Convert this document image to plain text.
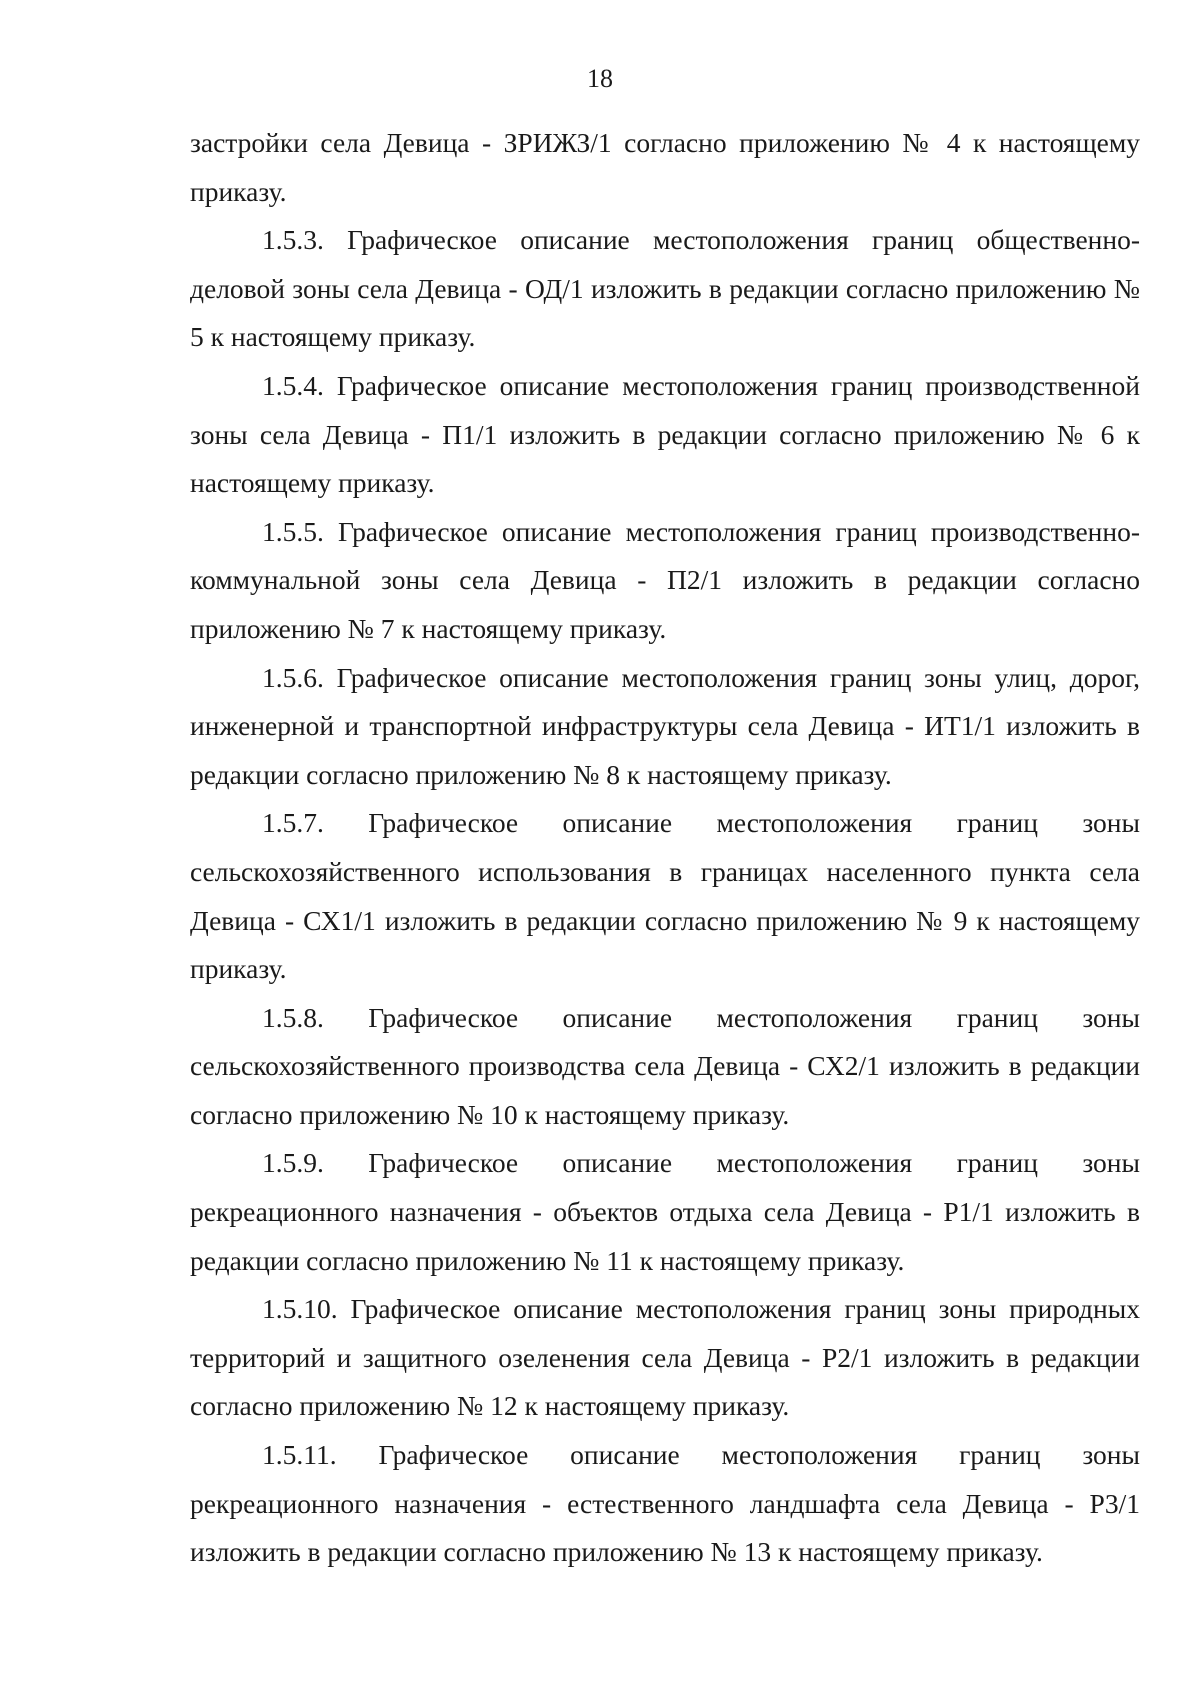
18

застройки села Девица - ЗРИЖЗ/1 согласно приложению № 4 к настоящему приказу.

1.5.3. Графическое описание местоположения границ общественно-деловой зоны села Девица - ОД/1 изложить в редакции согласно приложению № 5 к настоящему приказу.

1.5.4. Графическое описание местоположения границ производственной зоны села Девица - П1/1 изложить в редакции согласно приложению № 6 к настоящему приказу.

1.5.5. Графическое описание местоположения границ производственно-коммунальной зоны села Девица - П2/1 изложить в редакции согласно приложению № 7 к настоящему приказу.

1.5.6. Графическое описание местоположения границ зоны улиц, дорог, инженерной и транспортной инфраструктуры села Девица - ИТ1/1 изложить в редакции согласно приложению № 8 к настоящему приказу.

1.5.7. Графическое описание местоположения границ зоны сельскохозяйственного использования в границах населенного пункта села Девица - СХ1/1 изложить в редакции согласно приложению № 9 к настоящему приказу.

1.5.8. Графическое описание местоположения границ зоны сельскохозяйственного производства села Девица - СХ2/1 изложить в редакции согласно приложению № 10 к настоящему приказу.

1.5.9. Графическое описание местоположения границ зоны рекреационного назначения - объектов отдыха села Девица - Р1/1 изложить в редакции согласно приложению № 11 к настоящему приказу.

1.5.10. Графическое описание местоположения границ зоны природных территорий и защитного озеленения села Девица - Р2/1 изложить в редакции согласно приложению № 12 к настоящему приказу.

1.5.11. Графическое описание местоположения границ зоны рекреационного назначения - естественного ландшафта села Девица - Р3/1 изложить в редакции согласно приложению № 13 к настоящему приказу.
